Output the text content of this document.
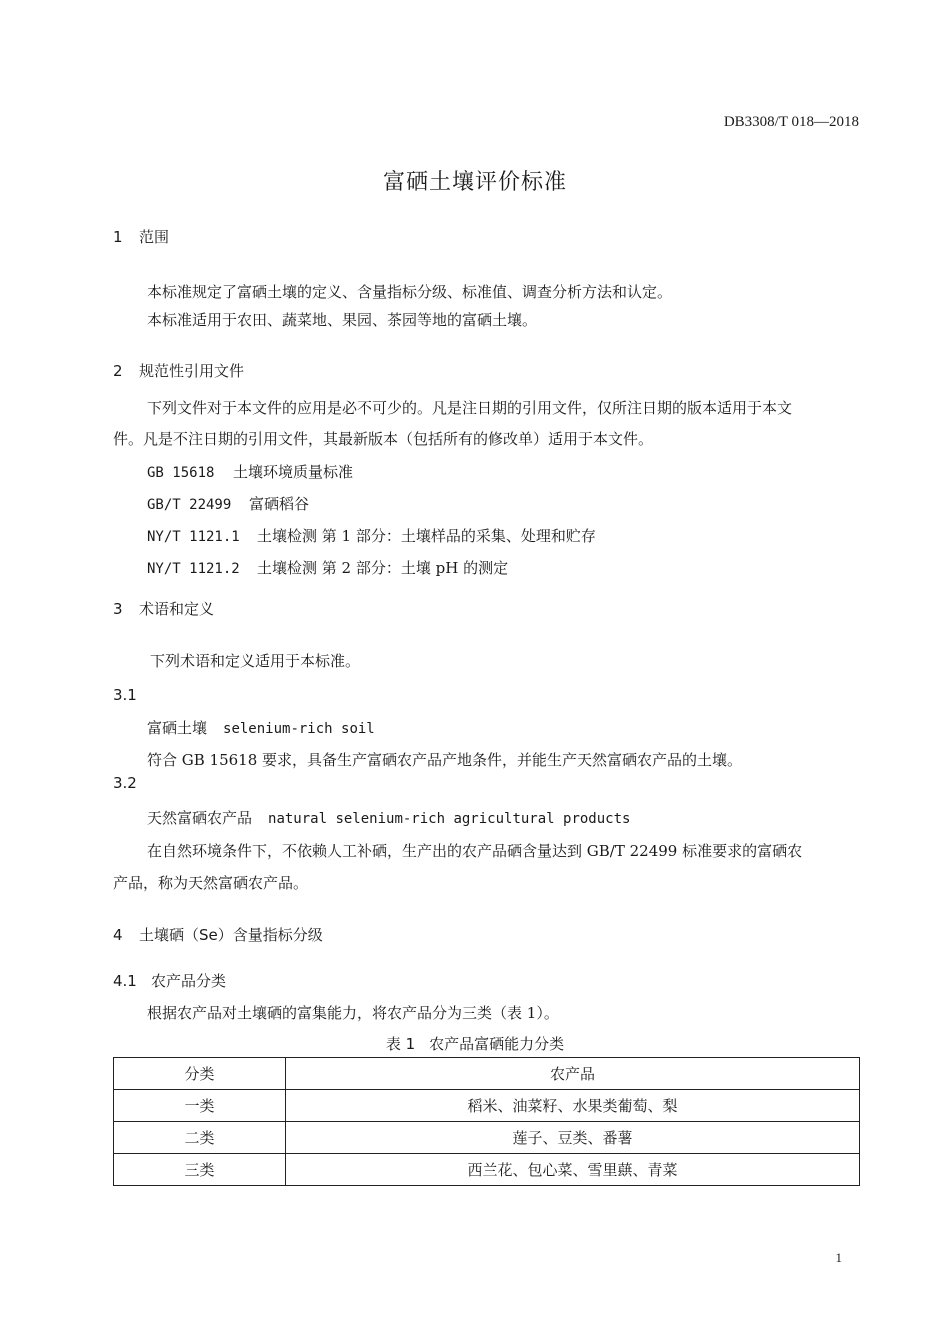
DB3308/T 018—2018
富硒土壤评价标准
1 范围
本标准规定了富硒土壤的定义、含量指标分级、标准值、调查分析方法和认定。
本标准适用于农田、蔬菜地、果园、茶园等地的富硒土壤。
2 规范性引用文件
下列文件对于本文件的应用是必不可少的。凡是注日期的引用文件，仅所注日期的版本适用于本文
件。凡是不注日期的引用文件，其最新版本（包括所有的修改单）适用于本文件。
GB 15618 土壤环境质量标准
GB/T 22499 富硒稻谷
NY/T 1121.1 土壤检测 第 1 部分：土壤样品的采集、处理和贮存
NY/T 1121.2 土壤检测 第 2 部分：土壤 pH 的测定
3 术语和定义
下列术语和定义适用于本标准。
3.1
富硒土壤 selenium-rich soil
符合 GB 15618 要求，具备生产富硒农产品产地条件，并能生产天然富硒农产品的土壤。
3.2
天然富硒农产品 natural selenium-rich agricultural products
在自然环境条件下，不依赖人工补硒，生产出的农产品硒含量达到 GB/T 22499 标准要求的富硒农
产品，称为天然富硒农产品。
4 土壤硒（Se）含量指标分级
4.1 农产品分类
根据农产品对土壤硒的富集能力，将农产品分为三类（表 1）。
表 1 农产品富硒能力分类
分类	农产品
一类	稻米、油菜籽、水果类葡萄、梨
二类	莲子、豆类、番薯
三类	西兰花、包心菜、雪里蕻、青菜
1
